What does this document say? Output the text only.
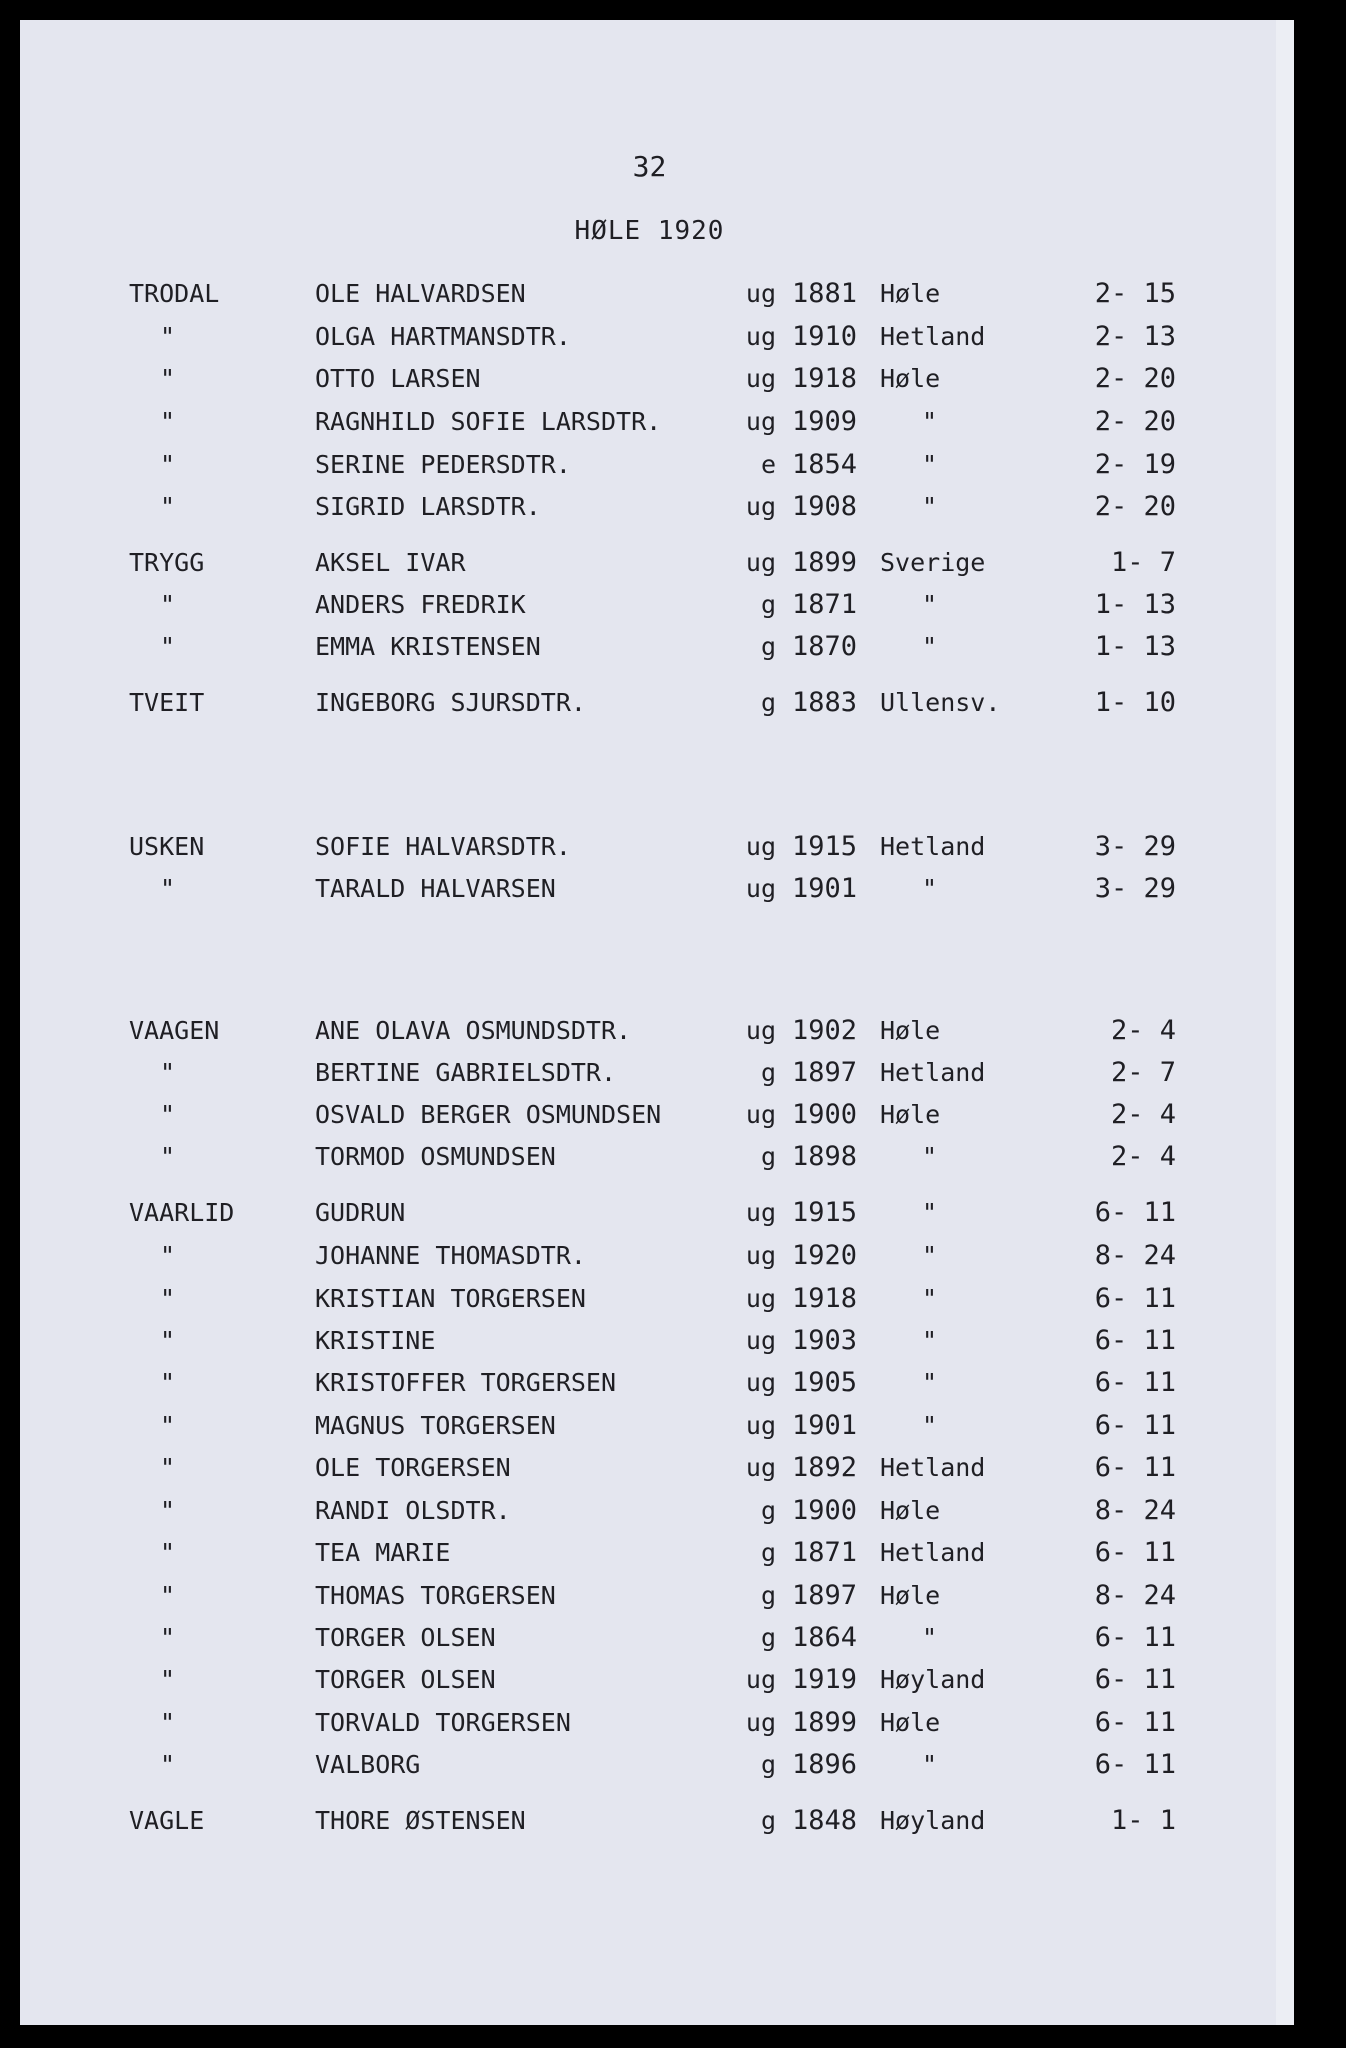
32
HØLE 1920
TRODAL	OLE HALVARDSEN	ug 1881 Høle	2- 15
"	OLGA HARTMANSDTR.	ug 1910 Hetland	2- 13
"	OTTO LARSEN	ug 1918 Høle	2- 20
"	RAGNHILD SOFIE LARSDTR.	ug 1909	"	2- 20
"	SERINE PEDERSDTR.	e 1854	"	2- 19
"	SIGRID LARSDTR.	ug 1908	"	2- 20
TRYGG	AKSEL IVAR	ug 1899 Sverige	1- 7
"	ANDERS FREDRIK	g 1871	"	1- 13
"	EMMA KRISTENSEN	g 1870	"	1- 13
TVEIT	INGEBORG SJURSDTR.	g 1883 Ullensv.	1- 10
USKEN	SOFIE HALVARSDTR.	ug 1915 Hetland	3- 29
"	TARALD HALVARSEN	ug 1901	"	3- 29
VAAGEN	ANE OLAVA OSMUNDSDTR.	ug 1902 Høle	2- 4
"	BERTINE GABRIELSDTR.	g 1897 Hetland	2- 7
"	OSVALD BERGER OSMUNDSEN	ug 1900 Høle	2- 4
"	TORMOD OSMUNDSEN	g 1898	"	2- 4
VAARLID	GUDRUN	ug 1915	"	6- 11
"	JOHANNE THOMASDTR.	ug 1920	"	8- 24
"	KRISTIAN TORGERSEN	ug 1918	"	6- 11
"	KRISTINE	ug 1903	"	6- 11
"	KRISTOFFER TORGERSEN	ug 1905	"	6- 11
"	MAGNUS TORGERSEN	ug 1901	"	6- 11
"	OLE TORGERSEN	ug 1892 Hetland	6- 11
"	RANDI OLSDTR.	g 1900 Høle	8- 24
"	TEA MARIE	g 1871 Hetland	6- 11
"	THOMAS TORGERSEN	g 1897 Høle	8- 24
"	TORGER OLSEN	g 1864	"	6- 11
"	TORGER OLSEN	ug 1919 Høyland	6- 11
"	TORVALD TORGERSEN	ug 1899 Høle	6- 11
"	VALBORG	g 1896	"	6- 11
VAGLE	THORE ØSTENSEN	g 1848 Høyland	1- 1
